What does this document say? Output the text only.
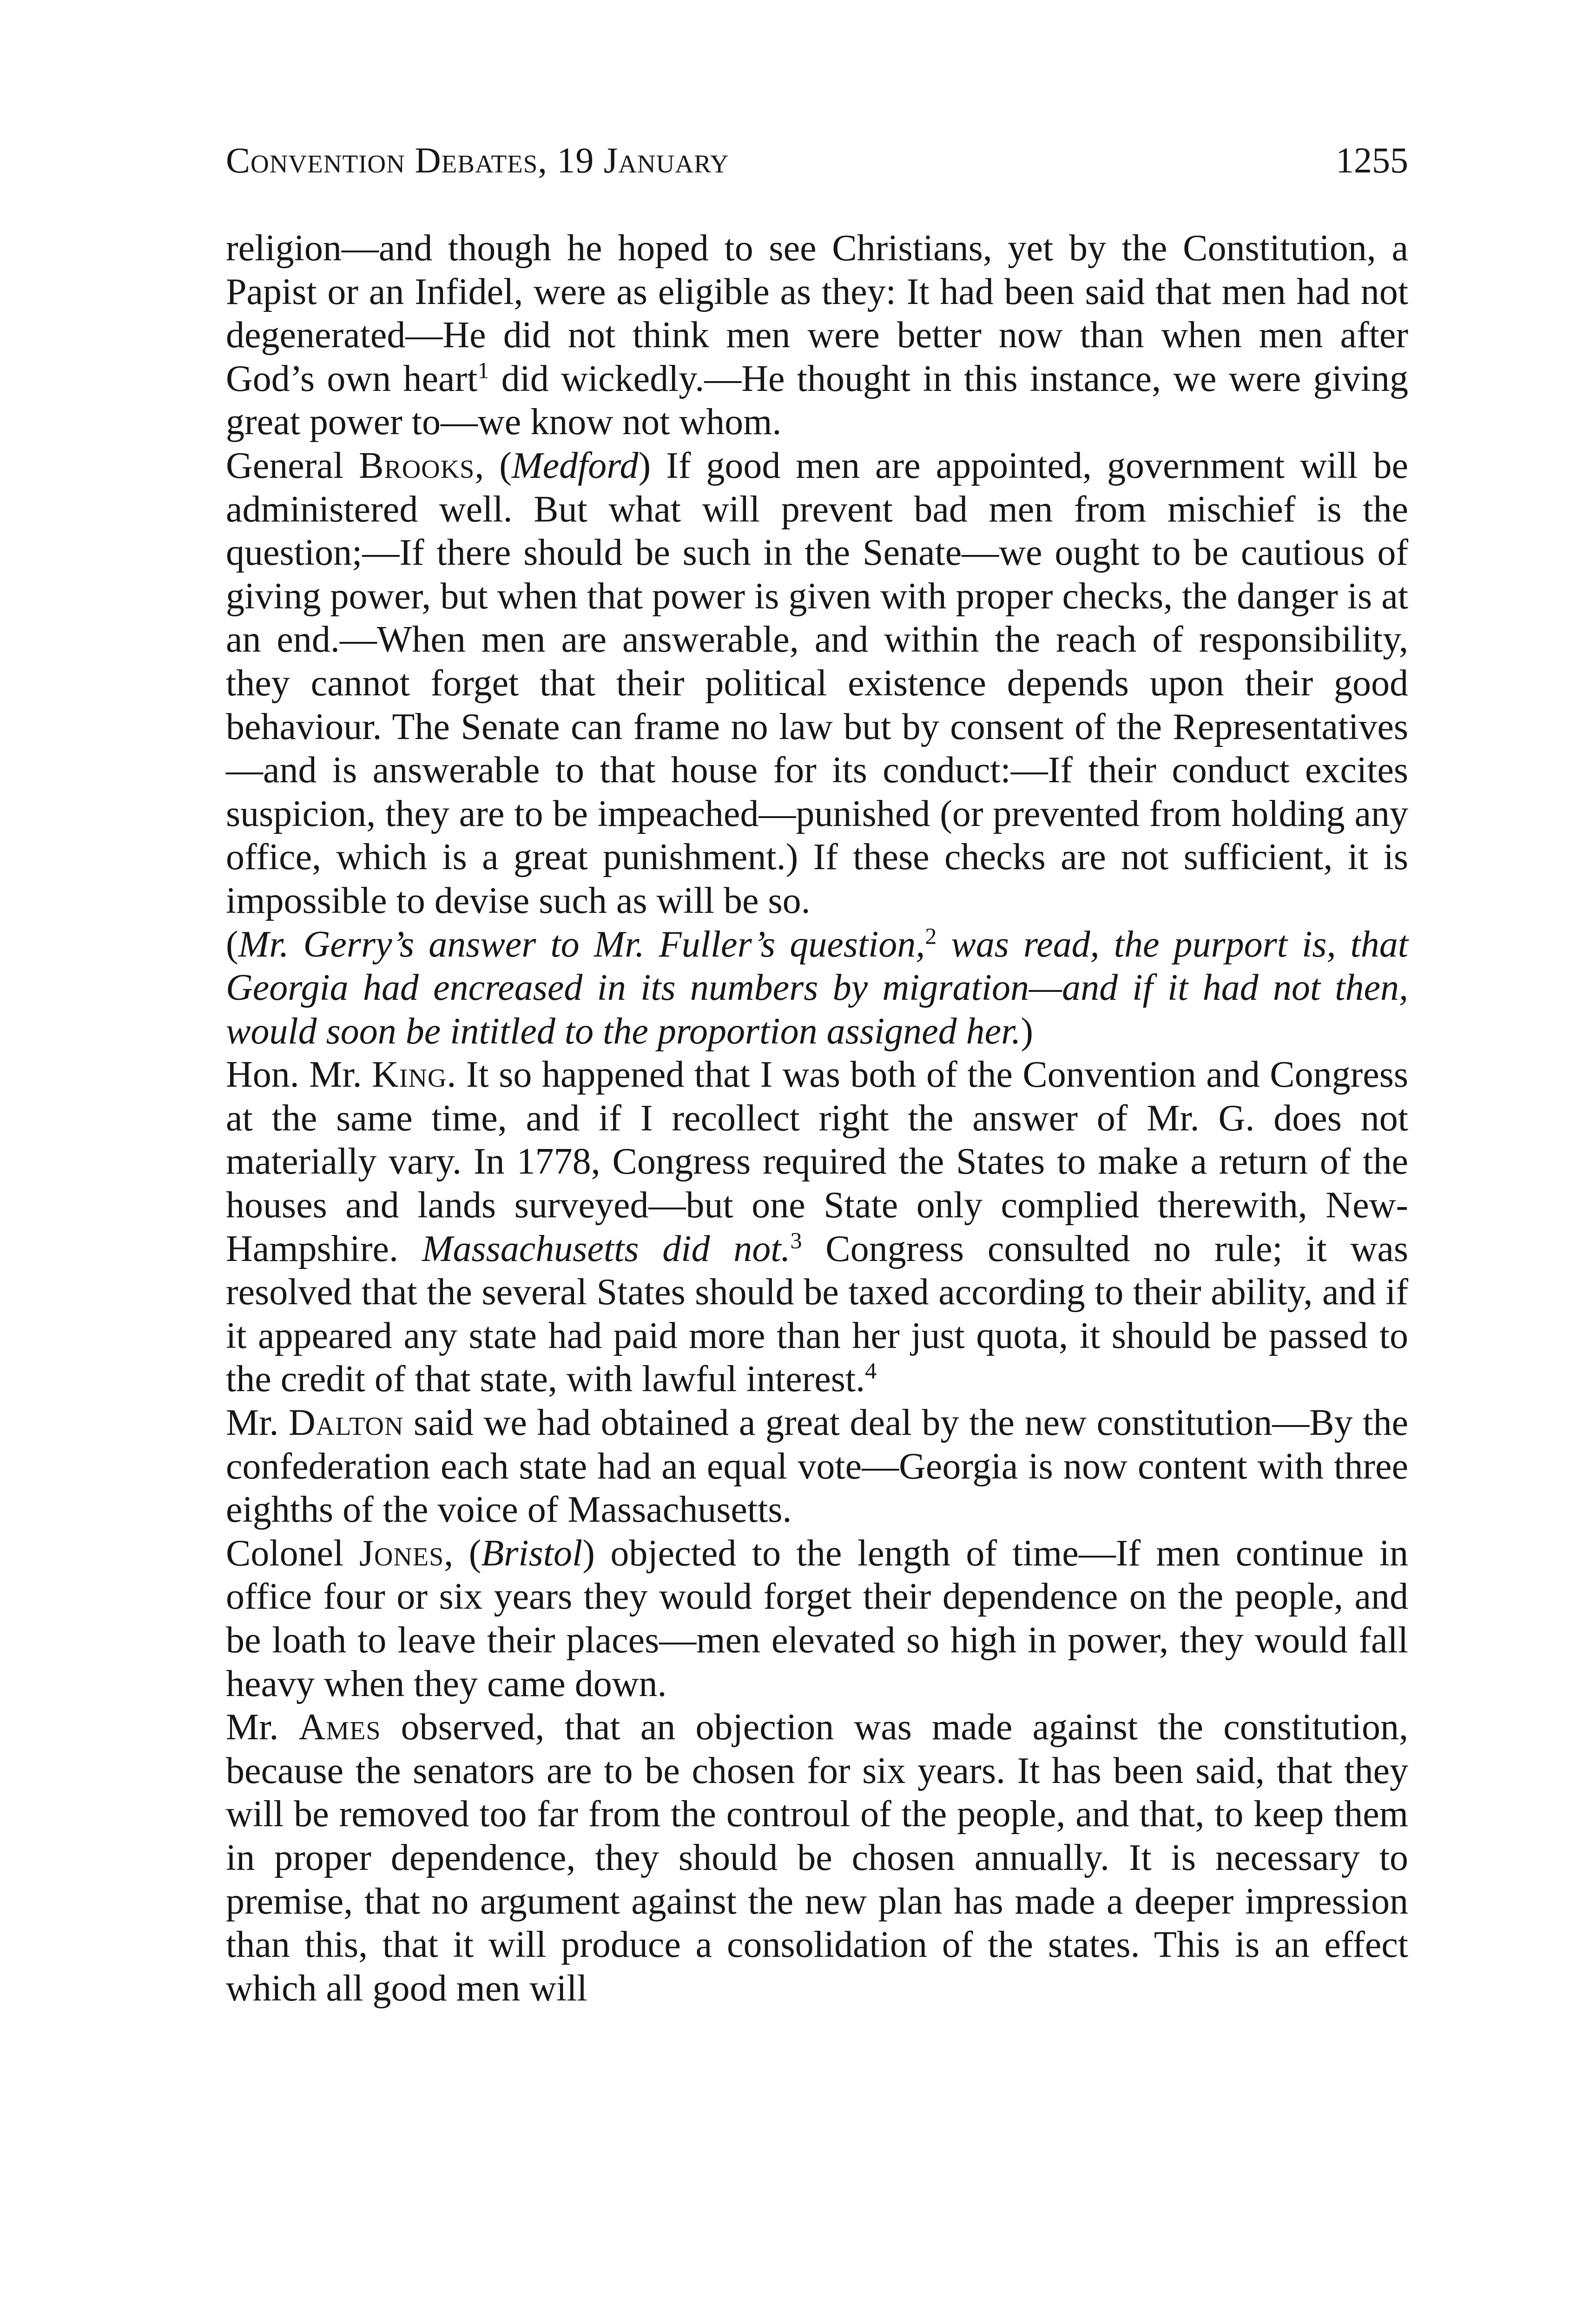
Convention Debates, 19 January	1255

religion—and though he hoped to see Christians, yet by the Constitution, a Papist or an Infidel, were as eligible as they: It had been said that men had not degenerated—He did not think men were better now than when men after God’s own heart$^1$ did wickedly.—He thought in this instance, we were giving great power to—we know not whom.

General Brooks, (Medford) If good men are appointed, government will be administered well. But what will prevent bad men from mischief is the question;—If there should be such in the Senate—we ought to be cautious of giving power, but when that power is given with proper checks, the danger is at an end.—When men are answerable, and within the reach of responsibility, they cannot forget that their political existence depends upon their good behaviour. The Senate can frame no law but by consent of the Representatives—and is answerable to that house for its conduct:—If their conduct excites suspicion, they are to be impeached—punished (or prevented from holding any office, which is a great punishment.) If these checks are not sufficient, it is impossible to devise such as will be so.

(Mr. Gerry’s answer to Mr. Fuller’s question,$^2$ was read, the purport is, that Georgia had encreased in its numbers by migration—and if it had not then, would soon be intitled to the proportion assigned her.)

Hon. Mr. King. It so happened that I was both of the Convention and Congress at the same time, and if I recollect right the answer of Mr. G. does not materially vary. In 1778, Congress required the States to make a return of the houses and lands surveyed—but one State only complied therewith, New-Hampshire. Massachusetts did not.$^3$ Congress consulted no rule; it was resolved that the several States should be taxed according to their ability, and if it appeared any state had paid more than her just quota, it should be passed to the credit of that state, with lawful interest.$^4$

Mr. Dalton said we had obtained a great deal by the new constitution—By the confederation each state had an equal vote—Georgia is now content with three eighths of the voice of Massachusetts.

Colonel Jones, (Bristol) objected to the length of time—If men continue in office four or six years they would forget their dependence on the people, and be loath to leave their places—men elevated so high in power, they would fall heavy when they came down.

Mr. Ames observed, that an objection was made against the constitution, because the senators are to be chosen for six years. It has been said, that they will be removed too far from the controul of the people, and that, to keep them in proper dependence, they should be chosen annually. It is necessary to premise, that no argument against the new plan has made a deeper impression than this, that it will produce a consolidation of the states. This is an effect which all good men will
